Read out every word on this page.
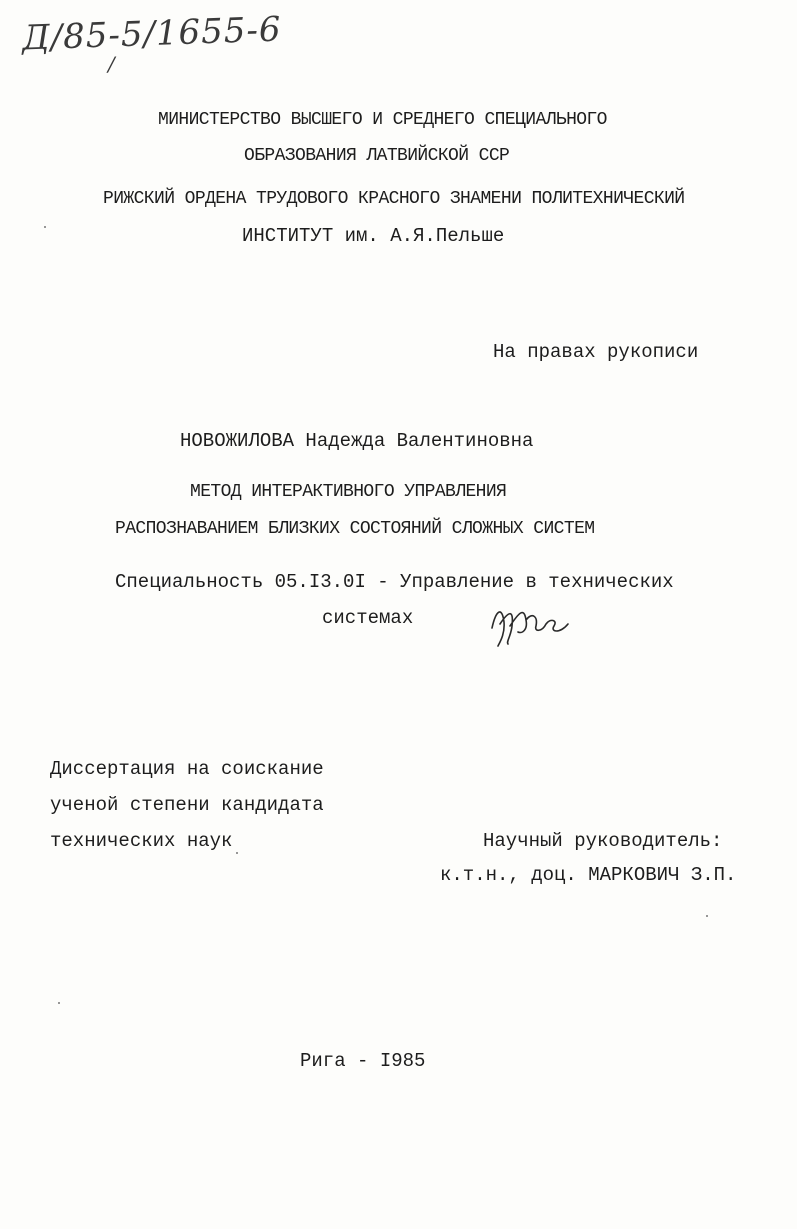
Д/85-5/1655-6
/
МИНИСТЕРСТВО ВЫСШЕГО И СРЕДНЕГО СПЕЦИАЛЬНОГО
ОБРАЗОВАНИЯ ЛАТВИЙСКОЙ ССР
РИЖСКИЙ ОРДЕНА ТРУДОВОГО КРАСНОГО ЗНАМЕНИ ПОЛИТЕХНИЧЕСКИЙ
ИНСТИТУТ им. А.Я.Пельше
На правах рукописи
НОВОЖИЛОВА Надежда Валентиновна
МЕТОД ИНТЕРАКТИВНОГО УПРАВЛЕНИЯ
РАСПОЗНАВАНИЕМ БЛИЗКИХ СОСТОЯНИЙ СЛОЖНЫХ СИСТЕМ
Специальность 05.I3.0I - Управление в технических
системах
Диссертация на соискание
ученой степени кандидата
технических наук	Научный руководитель:
к.т.н., доц. МАРКОВИЧ З.П.
Рига - I985
